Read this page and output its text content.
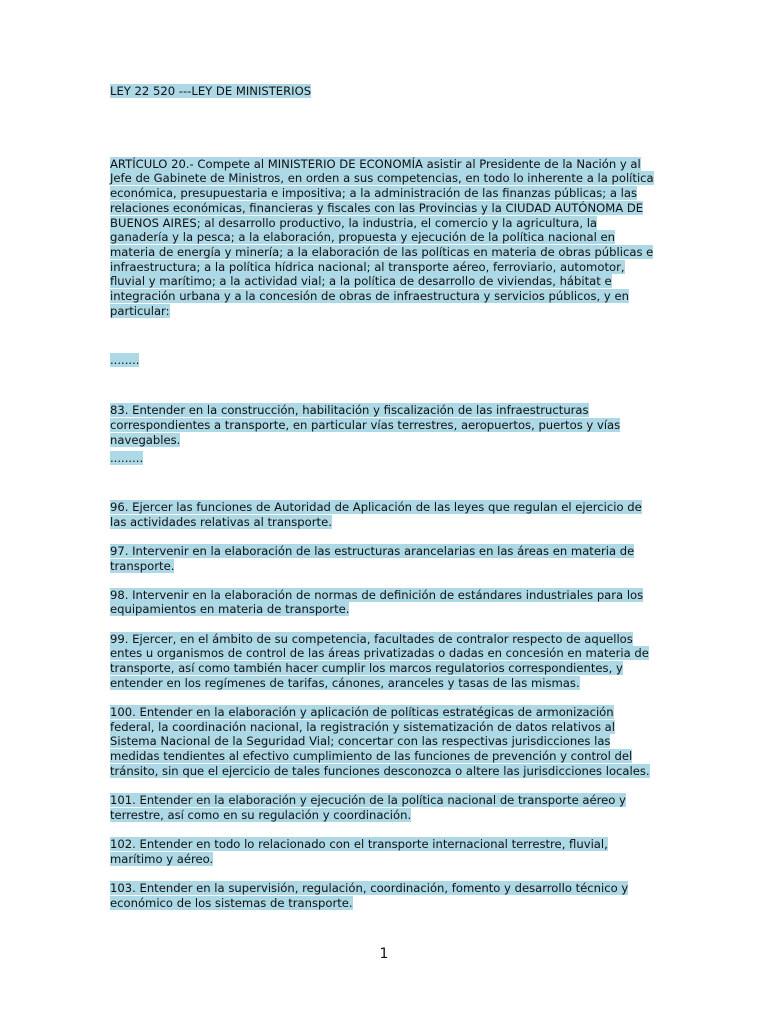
LEY 22 520 ---LEY DE MINISTERIOS

ARTÍCULO 20.- Compete al MINISTERIO DE ECONOMÍA asistir al Presidente de la Nación y al Jefe de Gabinete de Ministros, en orden a sus competencias, en todo lo inherente a la política económica, presupuestaria e impositiva; a la administración de las finanzas públicas; a las relaciones económicas, financieras y fiscales con las Provincias y la CIUDAD AUTÓNOMA DE BUENOS AIRES; al desarrollo productivo, la industria, el comercio y la agricultura, la ganadería y la pesca; a la elaboración, propuesta y ejecución de la política nacional en materia de energía y minería; a la elaboración de las políticas en materia de obras públicas e infraestructura; a la política hídrica nacional; al transporte aéreo, ferroviario, automotor, fluvial y marítimo; a la actividad vial; a la política de desarrollo de viviendas, hábitat e integración urbana y a la concesión de obras de infraestructura y servicios públicos, y en particular:

........

83. Entender en la construcción, habilitación y fiscalización de las infraestructuras correspondientes a transporte, en particular vías terrestres, aeropuertos, puertos y vías navegables.

.........

96. Ejercer las funciones de Autoridad de Aplicación de las leyes que regulan el ejercicio de las actividades relativas al transporte.

97. Intervenir en la elaboración de las estructuras arancelarias en las áreas en materia de transporte.

98. Intervenir en la elaboración de normas de definición de estándares industriales para los equipamientos en materia de transporte.

99. Ejercer, en el ámbito de su competencia, facultades de contralor respecto de aquellos entes u organismos de control de las áreas privatizadas o dadas en concesión en materia de transporte, así como también hacer cumplir los marcos regulatorios correspondientes, y entender en los regímenes de tarifas, cánones, aranceles y tasas de las mismas.

100. Entender en la elaboración y aplicación de políticas estratégicas de armonización federal, la coordinación nacional, la registración y sistematización de datos relativos al Sistema Nacional de la Seguridad Vial; concertar con las respectivas jurisdicciones las medidas tendientes al efectivo cumplimiento de las funciones de prevención y control del tránsito, sin que el ejercicio de tales funciones desconozca o altere las jurisdicciones locales.

101. Entender en la elaboración y ejecución de la política nacional de transporte aéreo y terrestre, así como en su regulación y coordinación.

102. Entender en todo lo relacionado con el transporte internacional terrestre, fluvial, marítimo y aéreo.

103. Entender en la supervisión, regulación, coordinación, fomento y desarrollo técnico y económico de los sistemas de transporte.

1
